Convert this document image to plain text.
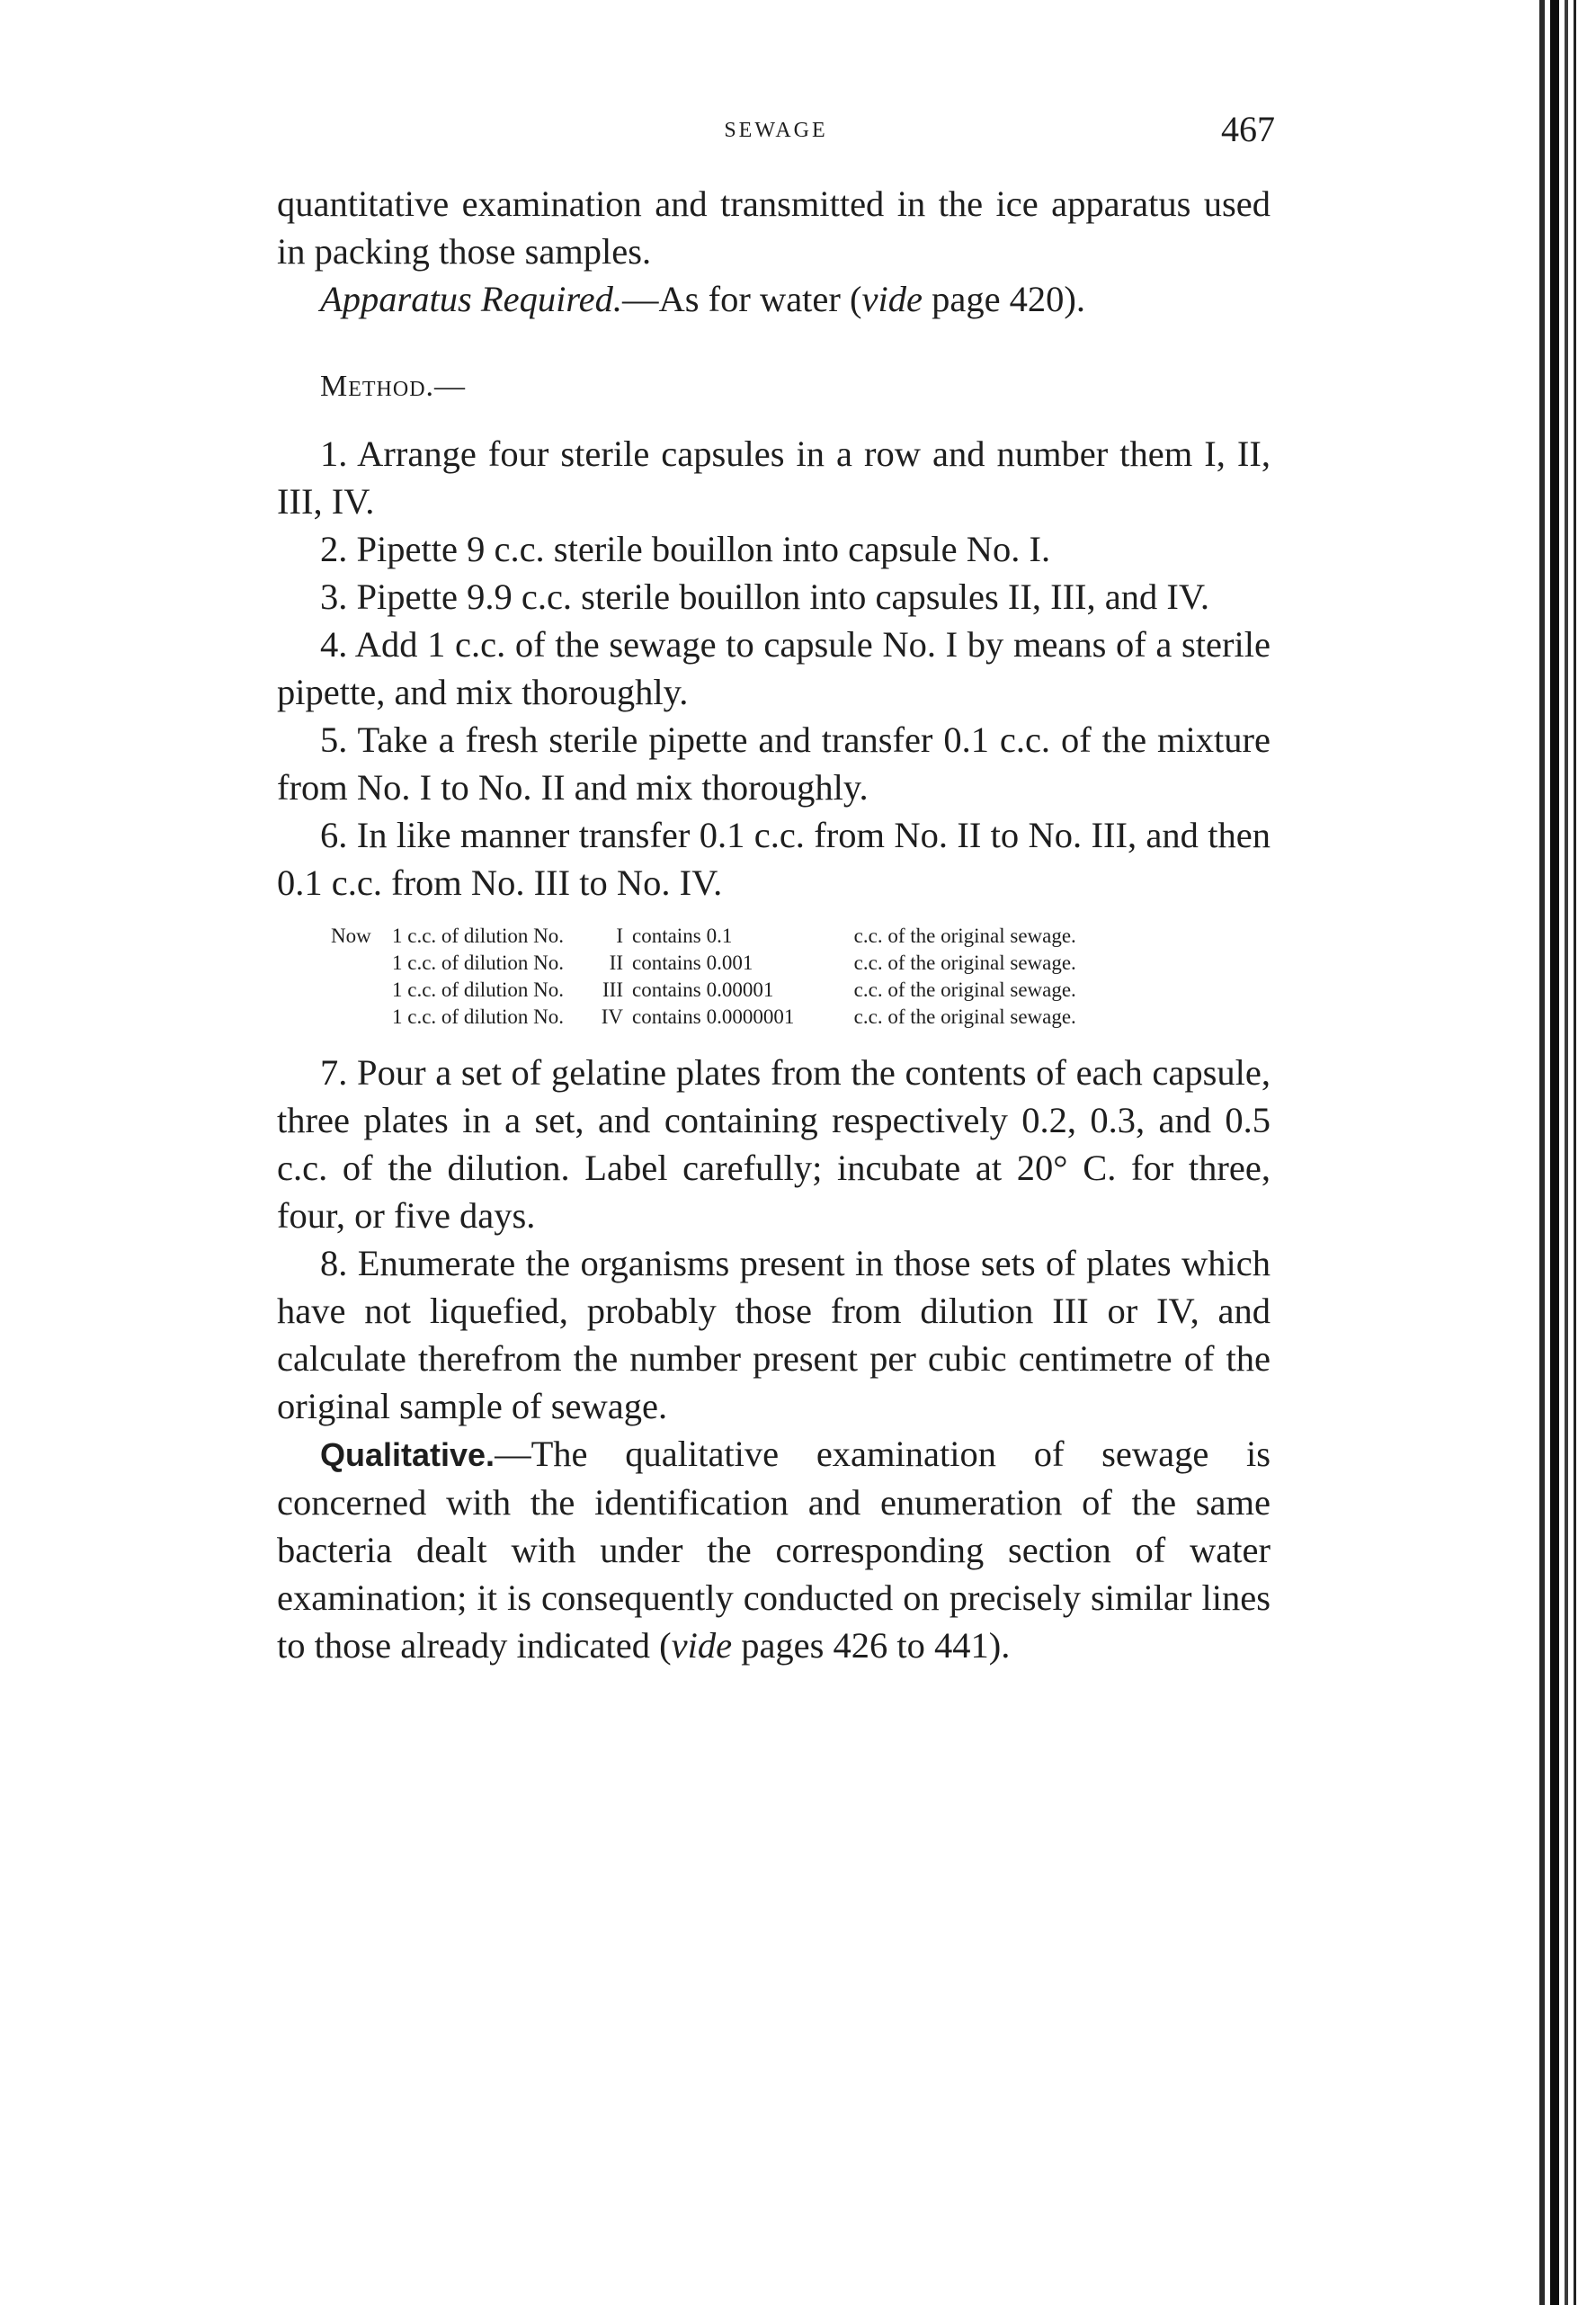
SEWAGE	467

quantitative examination and transmitted in the ice apparatus used in packing those samples.

Apparatus Required.—As for water (vide page 420).

Method.—

1. Arrange four sterile capsules in a row and number them I, II, III, IV.

2. Pipette 9 c.c. sterile bouillon into capsule No. I.

3. Pipette 9.9 c.c. sterile bouillon into capsules II, III, and IV.

4. Add 1 c.c. of the sewage to capsule No. I by means of a sterile pipette, and mix thoroughly.

5. Take a fresh sterile pipette and transfer 0.1 c.c. of the mixture from No. I to No. II and mix thoroughly.

6. In like manner transfer 0.1 c.c. from No. II to No. III, and then 0.1 c.c. from No. III to No. IV.

Now	1 c.c. of dilution No.	I	contains	0.1	c.c. of the original sewage.
	1 c.c. of dilution No.	II	contains	0.001	c.c. of the original sewage.
	1 c.c. of dilution No.	III	contains	0.00001	c.c. of the original sewage.
	1 c.c. of dilution No.	IV	contains	0.0000001	c.c. of the original sewage.

7. Pour a set of gelatine plates from the contents of each capsule, three plates in a set, and containing respectively 0.2, 0.3, and 0.5 c.c. of the dilution. Label carefully; incubate at 20° C. for three, four, or five days.

8. Enumerate the organisms present in those sets of plates which have not liquefied, probably those from dilution III or IV, and calculate therefrom the number present per cubic centimetre of the original sample of sewage.

Qualitative.—The qualitative examination of sewage is concerned with the identification and enumeration of the same bacteria dealt with under the corresponding section of water examination; it is consequently conducted on precisely similar lines to those already indicated (vide pages 426 to 441).
